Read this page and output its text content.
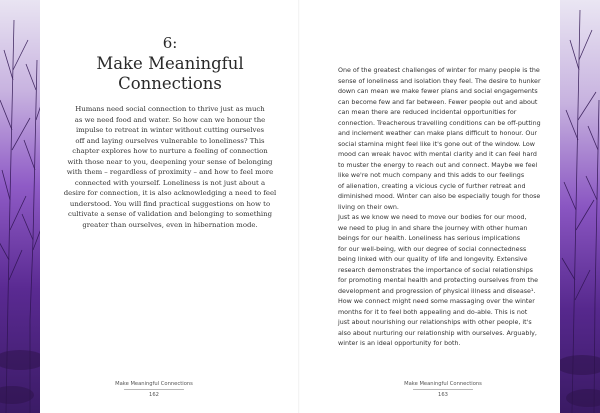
6:
Make Meaningful
Connections
Humans need social connection to thrive just as much
as we need food and water. So how can we honour the
impulse to retreat in winter without cutting ourselves
off and laying ourselves vulnerable to loneliness? This
chapter explores how to nurture a feeling of connection
with those near to you, deepening your sense of belonging
with them – regardless of proximity – and how to feel more
connected with yourself. Loneliness is not just about a
desire for connection, it is also acknowledging a need to feel
understood. You will find practical suggestions on how to
cultivate a sense of validation and belonging to something
greater than ourselves, even in hibernation mode.
Make Meaningful Connections
162
One of the greatest challenges of winter for many people is the
sense of loneliness and isolation they feel. The desire to hunker
down can mean we make fewer plans and social engagements
can become few and far between. Fewer people out and about
can mean there are reduced incidental opportunities for
connection. Treacherous travelling conditions can be off-putting
and inclement weather can make plans difficult to honour. Our
social stamina might feel like it's gone out of the window. Low
mood can wreak havoc with mental clarity and it can feel hard
to muster the energy to reach out and connect. Maybe we feel
like we're not much company and this adds to our feelings
of alienation, creating a vicious cycle of further retreat and
diminished mood. Winter can also be especially tough for those
living on their own.
Just as we know we need to move our bodies for our mood,
we need to plug in and share the journey with other human
beings for our health. Loneliness has serious implications
for our well-being, with our degree of social connectedness
being linked with our quality of life and longevity. Extensive
research demonstrates the importance of social relationships
for promoting mental health and protecting ourselves from the
development and progression of physical illness and disease¹.
How we connect might need some massaging over the winter
months for it to feel both appealing and do-able. This is not
just about nourishing our relationships with other people, it's
also about nurturing our relationship with ourselves. Arguably,
winter is an ideal opportunity for both.
Make Meaningful Connections
163
